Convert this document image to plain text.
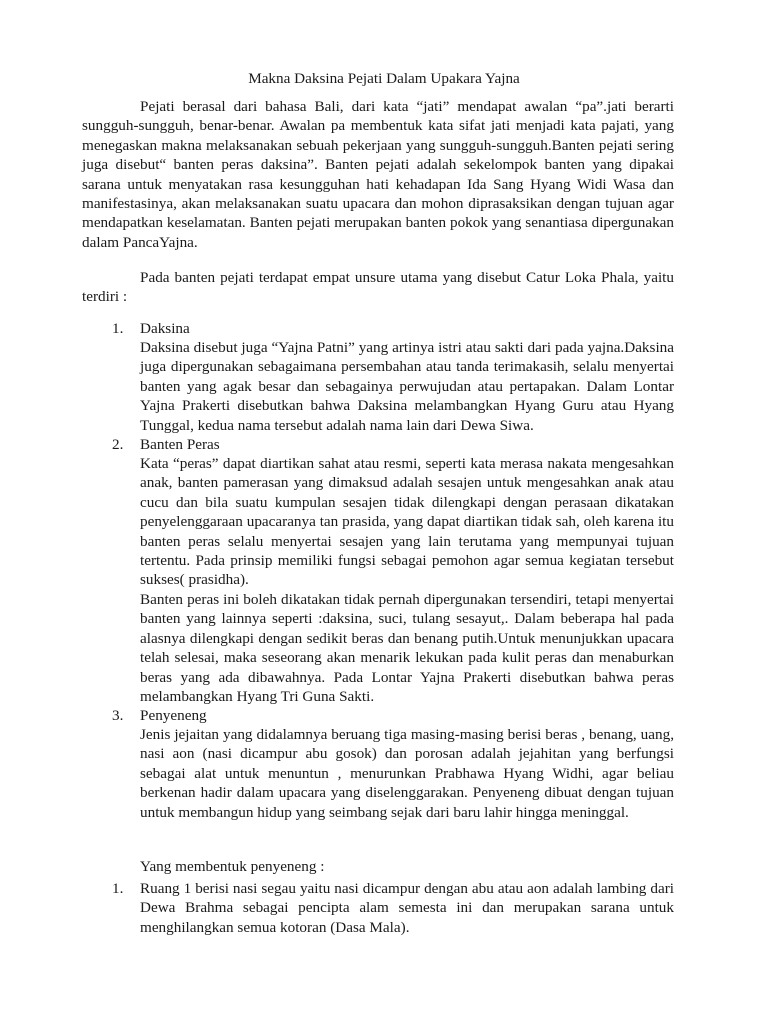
Makna Daksina Pejati Dalam Upakara Yajna

Pejati berasal dari bahasa Bali, dari kata “jati” mendapat awalan “pa”.jati berarti sungguh-sungguh, benar-benar. Awalan pa membentuk kata sifat jati menjadi kata pajati, yang menegaskan makna melaksanakan sebuah pekerjaan yang sungguh-sungguh.Banten pejati sering juga disebut“ banten peras daksina”. Banten pejati adalah sekelompok banten yang dipakai sarana untuk menyatakan rasa kesungguhan hati kehadapan Ida Sang Hyang Widi Wasa dan manifestasinya, akan melaksanakan suatu upacara dan mohon diprasaksikan dengan tujuan agar mendapatkan keselamatan. Banten pejati merupakan banten pokok yang senantiasa dipergunakan dalam PancaYajna.

Pada banten pejati terdapat empat unsure utama yang disebut Catur Loka Phala, yaitu terdiri :

1. Daksina

Daksina disebut juga “Yajna Patni” yang artinya istri atau sakti dari pada yajna.Daksina juga dipergunakan sebagaimana persembahan atau tanda terimakasih, selalu menyertai banten yang agak besar dan sebagainya perwujudan atau pertapakan. Dalam Lontar Yajna Prakerti disebutkan bahwa Daksina melambangkan Hyang Guru atau Hyang Tunggal, kedua nama tersebut adalah nama lain dari Dewa Siwa.

2. Banten Peras

Kata “peras” dapat diartikan sahat atau resmi, seperti kata merasa nakata mengesahkan anak, banten pamerasan yang dimaksud adalah sesajen untuk mengesahkan anak atau cucu dan bila suatu kumpulan sesajen tidak dilengkapi dengan perasaan dikatakan penyelenggaraan upacaranya tan prasida, yang dapat diartikan tidak sah, oleh karena itu banten peras selalu menyertai sesajen yang lain terutama yang mempunyai tujuan tertentu. Pada prinsip memiliki fungsi sebagai pemohon agar semua kegiatan tersebut sukses( prasidha).

Banten peras ini boleh dikatakan tidak pernah dipergunakan tersendiri, tetapi menyertai banten yang lainnya seperti :daksina, suci, tulang sesayut,. Dalam beberapa hal pada alasnya dilengkapi dengan sedikit beras dan benang putih.Untuk menunjukkan upacara telah selesai, maka seseorang akan menarik lekukan pada kulit peras dan menaburkan beras yang ada dibawahnya. Pada Lontar Yajna Prakerti disebutkan bahwa peras melambangkan Hyang Tri Guna Sakti.

3. Penyeneng

Jenis jejaitan yang didalamnya beruang tiga masing-masing berisi beras , benang, uang, nasi aon (nasi dicampur abu gosok) dan porosan adalah jejahitan yang berfungsi sebagai alat untuk menuntun , menurunkan Prabhawa Hyang Widhi, agar beliau berkenan hadir dalam upacara yang diselenggarakan. Penyeneng dibuat dengan tujuan untuk membangun hidup yang seimbang sejak dari baru lahir hingga meninggal.

Yang membentuk penyeneng :
1. Ruang 1 berisi nasi segau yaitu nasi dicampur dengan abu atau aon adalah lambing dari Dewa Brahma sebagai pencipta alam semesta ini dan merupakan sarana untuk menghilangkan semua kotoran (Dasa Mala).
